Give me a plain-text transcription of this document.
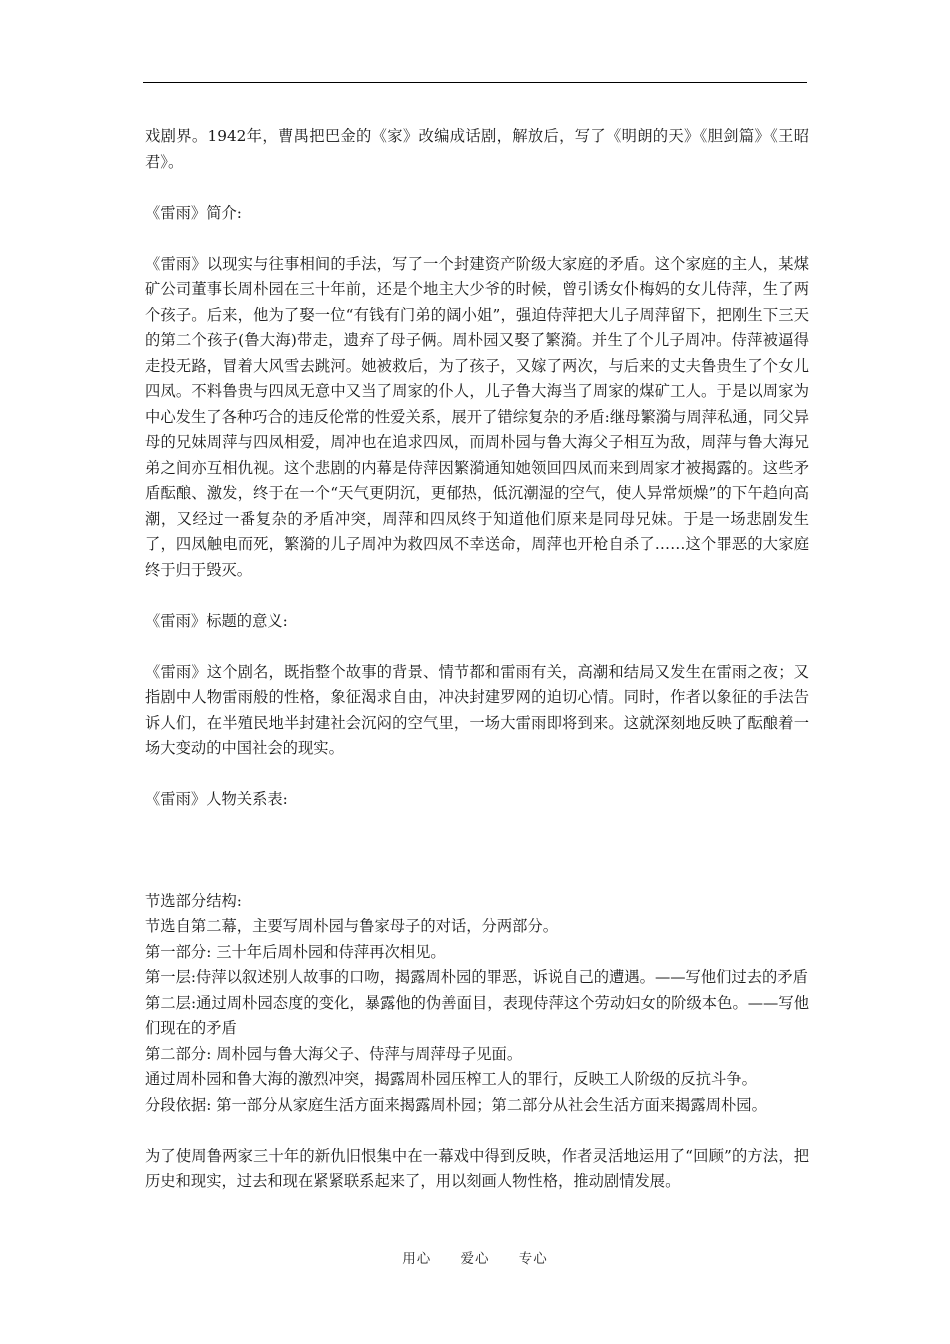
戏剧界。1942年，曹禺把巴金的《家》改编成话剧，解放后，写了《明朗的天》《胆剑篇》《王昭君》。

《雷雨》简介:

《雷雨》以现实与往事相间的手法，写了一个封建资产阶级大家庭的矛盾。这个家庭的主人，某煤矿公司董事长周朴园在三十年前，还是个地主大少爷的时候，曾引诱女仆梅妈的女儿侍萍，生了两个孩子。后来，他为了娶一位“有钱有门弟的阔小姐”，强迫侍萍把大儿子周萍留下，把刚生下三天的第二个孩子(鲁大海)带走，遗弃了母子俩。周朴园又娶了繁漪。并生了个儿子周冲。侍萍被逼得走投无路，冒着大风雪去跳河。她被救后，为了孩子，又嫁了两次，与后来的丈夫鲁贵生了个女儿四凤。不料鲁贵与四凤无意中又当了周家的仆人，儿子鲁大海当了周家的煤矿工人。于是以周家为中心发生了各种巧合的违反伦常的性爱关系，展开了错综复杂的矛盾:继母繁漪与周萍私通，同父异母的兄妹周萍与四凤相爱，周冲也在追求四凤，而周朴园与鲁大海父子相互为敌，周萍与鲁大海兄弟之间亦互相仇视。这个悲剧的内幕是侍萍因繁漪通知她领回四凤而来到周家才被揭露的。这些矛盾酝酿、激发，终于在一个“天气更阴沉，更郁热，低沉潮湿的空气，使人异常烦燥”的下午趋向高潮，又经过一番复杂的矛盾冲突，周萍和四凤终于知道他们原来是同母兄妹。于是一场悲剧发生了，四凤触电而死，繁漪的儿子周冲为救四凤不幸送命，周萍也开枪自杀了……这个罪恶的大家庭终于归于毁灭。

《雷雨》标题的意义:

《雷雨》这个剧名，既指整个故事的背景、情节都和雷雨有关，高潮和结局又发生在雷雨之夜；又指剧中人物雷雨般的性格，象征渴求自由，冲决封建罗网的迫切心情。同时，作者以象征的手法告诉人们，在半殖民地半封建社会沉闷的空气里，一场大雷雨即将到来。这就深刻地反映了酝酿着一场大变动的中国社会的现实。

《雷雨》人物关系表:

节选部分结构:

节选自第二幕，主要写周朴园与鲁家母子的对话，分两部分。

第一部分: 三十年后周朴园和侍萍再次相见。

第一层:侍萍以叙述别人故事的口吻，揭露周朴园的罪恶，诉说自己的遭遇。——写他们过去的矛盾

第二层:通过周朴园态度的变化，暴露他的伪善面目，表现侍萍这个劳动妇女的阶级本色。——写他们现在的矛盾

第二部分: 周朴园与鲁大海父子、侍萍与周萍母子见面。

通过周朴园和鲁大海的激烈冲突，揭露周朴园压榨工人的罪行，反映工人阶级的反抗斗争。

分段依据: 第一部分从家庭生活方面来揭露周朴园；第二部分从社会生活方面来揭露周朴园。

为了使周鲁两家三十年的新仇旧恨集中在一幕戏中得到反映，作者灵活地运用了“回顾”的方法，把历史和现实，过去和现在紧紧联系起来了，用以刻画人物性格，推动剧情发展。

用心 爱心 专心
